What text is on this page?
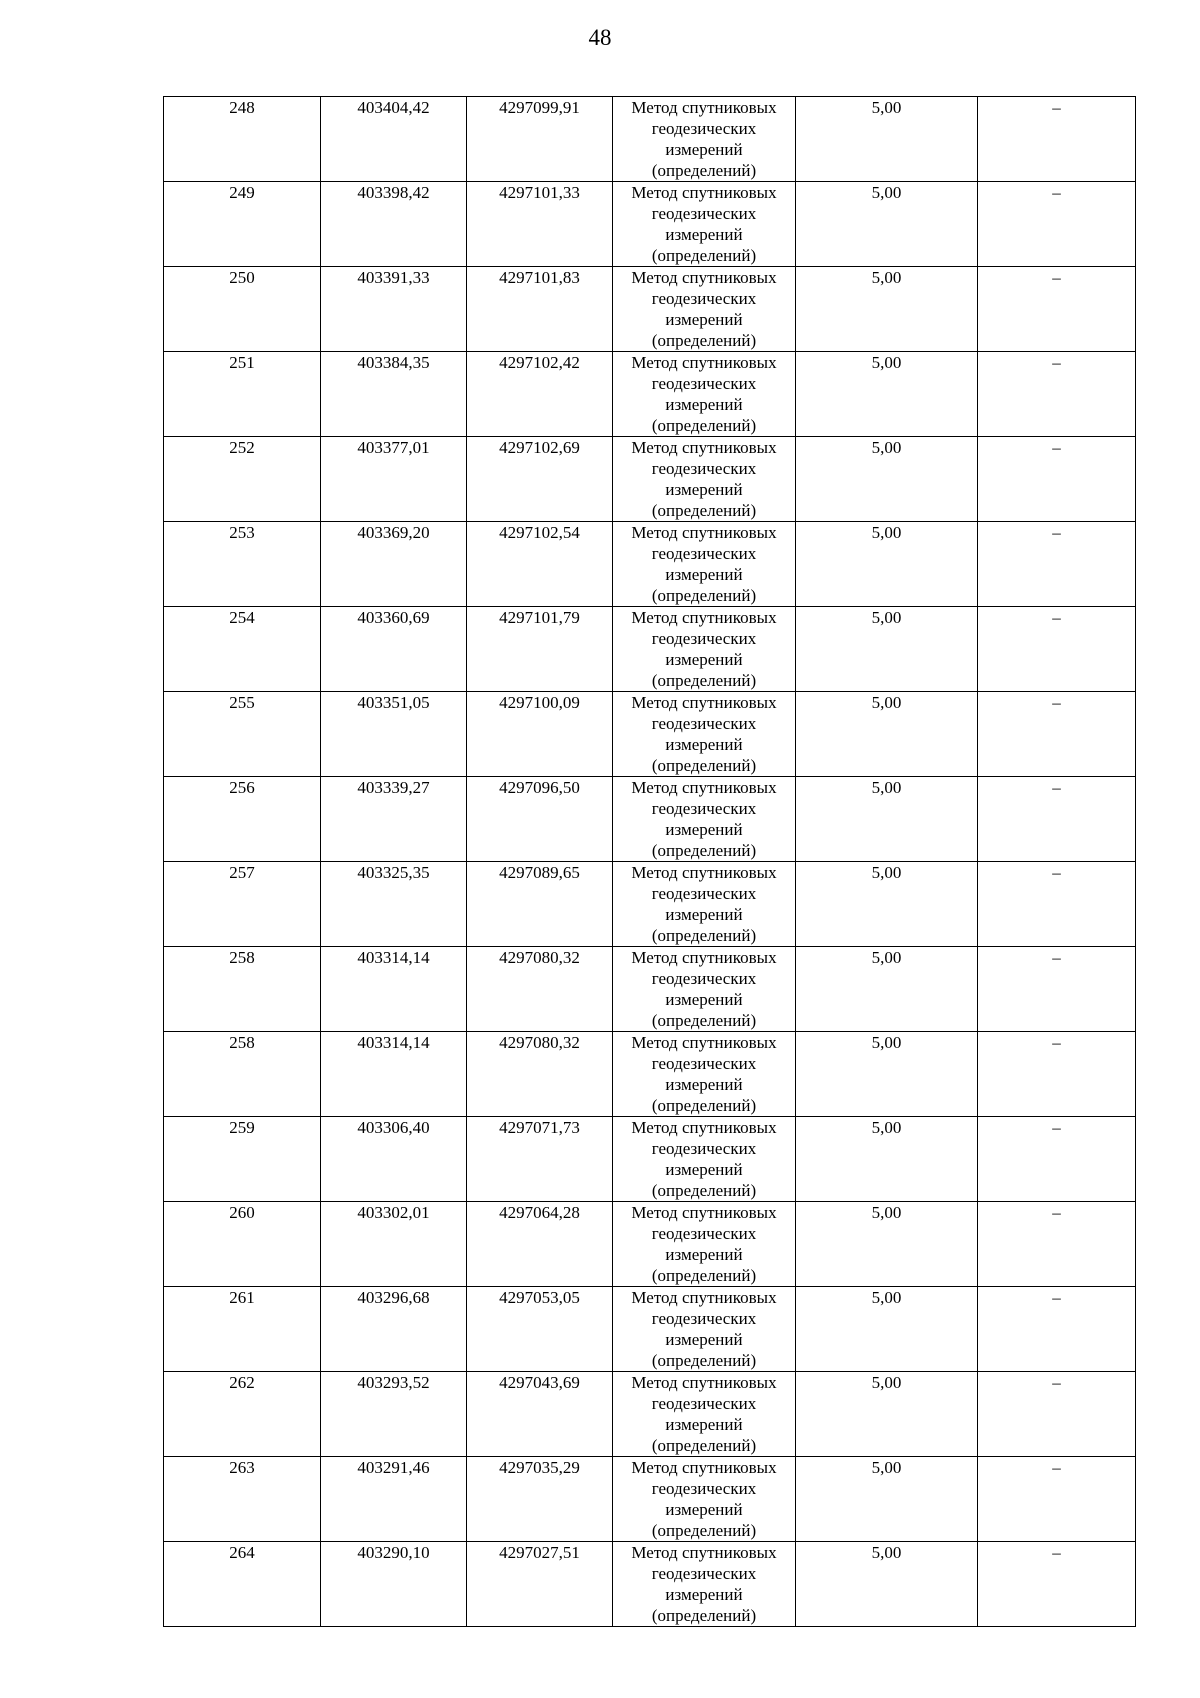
48
248	403404,42	4297099,91	Метод спутниковых
геодезических
измерений
(определений)	5,00	–
249	403398,42	4297101,33	Метод спутниковых
геодезических
измерений
(определений)	5,00	–
250	403391,33	4297101,83	Метод спутниковых
геодезических
измерений
(определений)	5,00	–
251	403384,35	4297102,42	Метод спутниковых
геодезических
измерений
(определений)	5,00	–
252	403377,01	4297102,69	Метод спутниковых
геодезических
измерений
(определений)	5,00	–
253	403369,20	4297102,54	Метод спутниковых
геодезических
измерений
(определений)	5,00	–
254	403360,69	4297101,79	Метод спутниковых
геодезических
измерений
(определений)	5,00	–
255	403351,05	4297100,09	Метод спутниковых
геодезических
измерений
(определений)	5,00	–
256	403339,27	4297096,50	Метод спутниковых
геодезических
измерений
(определений)	5,00	–
257	403325,35	4297089,65	Метод спутниковых
геодезических
измерений
(определений)	5,00	–
258	403314,14	4297080,32	Метод спутниковых
геодезических
измерений
(определений)	5,00	–
258	403314,14	4297080,32	Метод спутниковых
геодезических
измерений
(определений)	5,00	–
259	403306,40	4297071,73	Метод спутниковых
геодезических
измерений
(определений)	5,00	–
260	403302,01	4297064,28	Метод спутниковых
геодезических
измерений
(определений)	5,00	–
261	403296,68	4297053,05	Метод спутниковых
геодезических
измерений
(определений)	5,00	–
262	403293,52	4297043,69	Метод спутниковых
геодезических
измерений
(определений)	5,00	–
263	403291,46	4297035,29	Метод спутниковых
геодезических
измерений
(определений)	5,00	–
264	403290,10	4297027,51	Метод спутниковых
геодезических
измерений
(определений)	5,00	–
